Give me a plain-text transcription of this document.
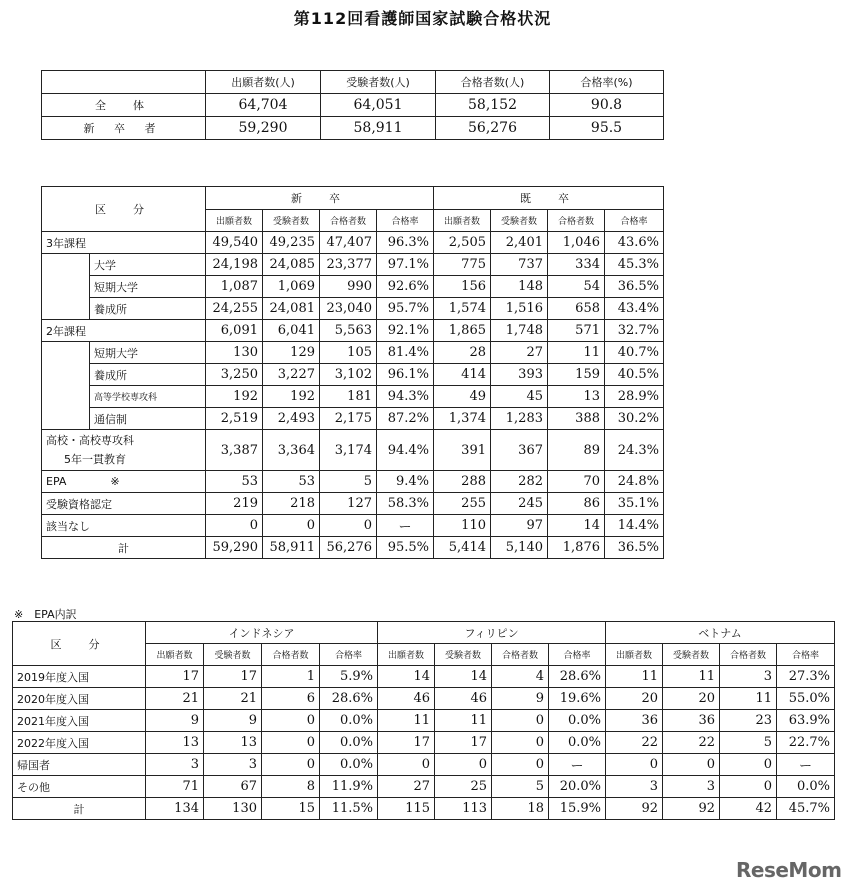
第112回看護師国家試験合格状況
	出願者数(人)	受験者数(人)	合格者数(人)	合格率(%)
全　体	64,704	64,051	58,152	90.8
新 卒 者	59,290	58,911	56,276	95.5
区　分		新　卒				既　卒			
		出願者数	受験者数	合格者数	合格率	出願者数	受験者数	合格者数	合格率
3年課程		49,540	49,235	47,407	96.3%	2,505	2,401	1,046	43.6%
	大学	24,198	24,085	23,377	97.1%	775	737	334	45.3%
	短期大学	1,087	1,069	990	92.6%	156	148	54	36.5%
	養成所	24,255	24,081	23,040	95.7%	1,574	1,516	658	43.4%
2年課程		6,091	6,041	5,563	92.1%	1,865	1,748	571	32.7%
	短期大学	130	129	105	81.4%	28	27	11	40.7%
	養成所	3,250	3,227	3,102	96.1%	414	393	159	40.5%
	高等学校専攻科	192	192	181	94.3%	49	45	13	28.9%
	通信制	2,519	2,493	2,175	87.2%	1,374	1,283	388	30.2%

高校・高校専攻科
5年一貫教育		3,387	3,364	3,174	94.4%	391	367	89	24.3%
EPA ※		53	53	5	9.4%	288	282	70	24.8%
受験資格認定		219	218	127	58.3%	255	245	86	35.1%
該当なし		0	0	0	ー	110	97	14	14.4%
計		59,290	58,911	56,276	95.5%	5,414	5,140	1,876	36.5%
※　EPA内訳
区　分	インドネシア				フィリピン				ベトナム			
	出願者数	受験者数	合格者数	合格率	出願者数	受験者数	合格者数	合格率	出願者数	受験者数	合格者数	合格率
2019年度入国	17	17	1	5.9%	14	14	4	28.6%	11	11	3	27.3%
2020年度入国	21	21	6	28.6%	46	46	9	19.6%	20	20	11	55.0%
2021年度入国	9	9	0	0.0%	11	11	0	0.0%	36	36	23	63.9%
2022年度入国	13	13	0	0.0%	17	17	0	0.0%	22	22	5	22.7%
帰国者	3	3	0	0.0%	0	0	0	ー	0	0	0	ー
その他	71	67	8	11.9%	27	25	5	20.0%	3	3	0	0.0%
計	134	130	15	11.5%	115	113	18	15.9%	92	92	42	45.7%
ReseMom
